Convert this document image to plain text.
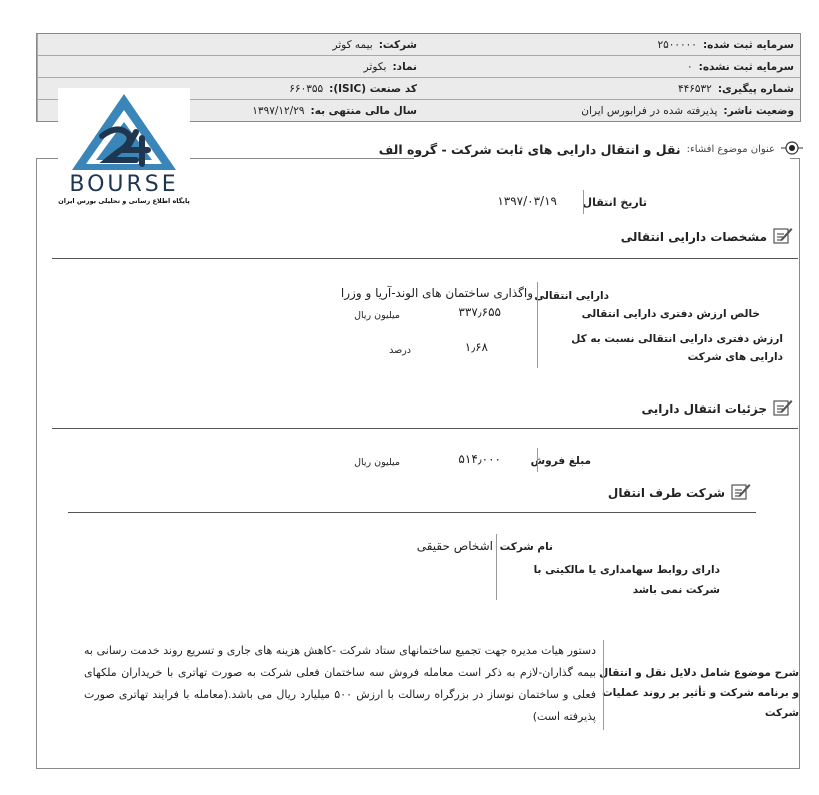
سرمایه ثبت شده:
۲۵۰۰۰۰۰
شرکت:
بیمه کوثر
نماد:
بکوثر	سرمایه ثبت نشده:
۰
کد صنعت (ISIC):
۶۶۰۳۵۵	شماره پیگیری:
۴۴۶۵۳۲
سال مالی منتهی به:
۱۳۹۷/۱۲/۲۹	وضعیت ناشر:
پذیرفته شده در فرابورس ایران
عنوان موضوع افشاء:
نقل و انتقال دارایی های ثابت شرکت - گروه الف
BOURSE
پایگاه اطلاع رسانی و تحلیلی بورس ایران	تاریخ انتقال
۱۳۹۷/۰۳/۱۹
مشخصات دارایی انتقالی
دارایی انتقالی
واگذاری ساختمان های الوند-آریا و وزرا
خالص ارزش دفتری دارایی انتقالی
۳۳۷٫۶۵۵
میلیون ریال
ارزش دفتری دارایی انتقالی نسبت به کل دارایی های شرکت
۱٫۶۸
درصد
جزئیات انتقال دارایی
مبلغ فروش
۵۱۴٫۰۰۰
میلیون ریال
شرکت طرف انتقال
نام شرکت
اشخاص حقیقی
دارای روابط سهامداری یا مالکیتی با شرکت نمی باشد
شرح موضوع شامل دلایل نقل و انتقال و برنامه شرکت و تأثیر بر روند عملیات شرکت
دستور هیات مدیره جهت تجمیع ساختمانهای ستاد شرکت -کاهش هزینه های جاری و تسریع روند خدمت رسانی به بیمه گذاران-لازم به ذکر است معامله فروش سه ساختمان فعلی شرکت به صورت تهاتری با خریداران ملکهای فعلی و ساختمان نوساز در بزرگراه رسالت با ارزش ۵۰۰ میلیارد ریال می باشد.(معامله با فرایند تهاتری صورت پذیرفته است)
